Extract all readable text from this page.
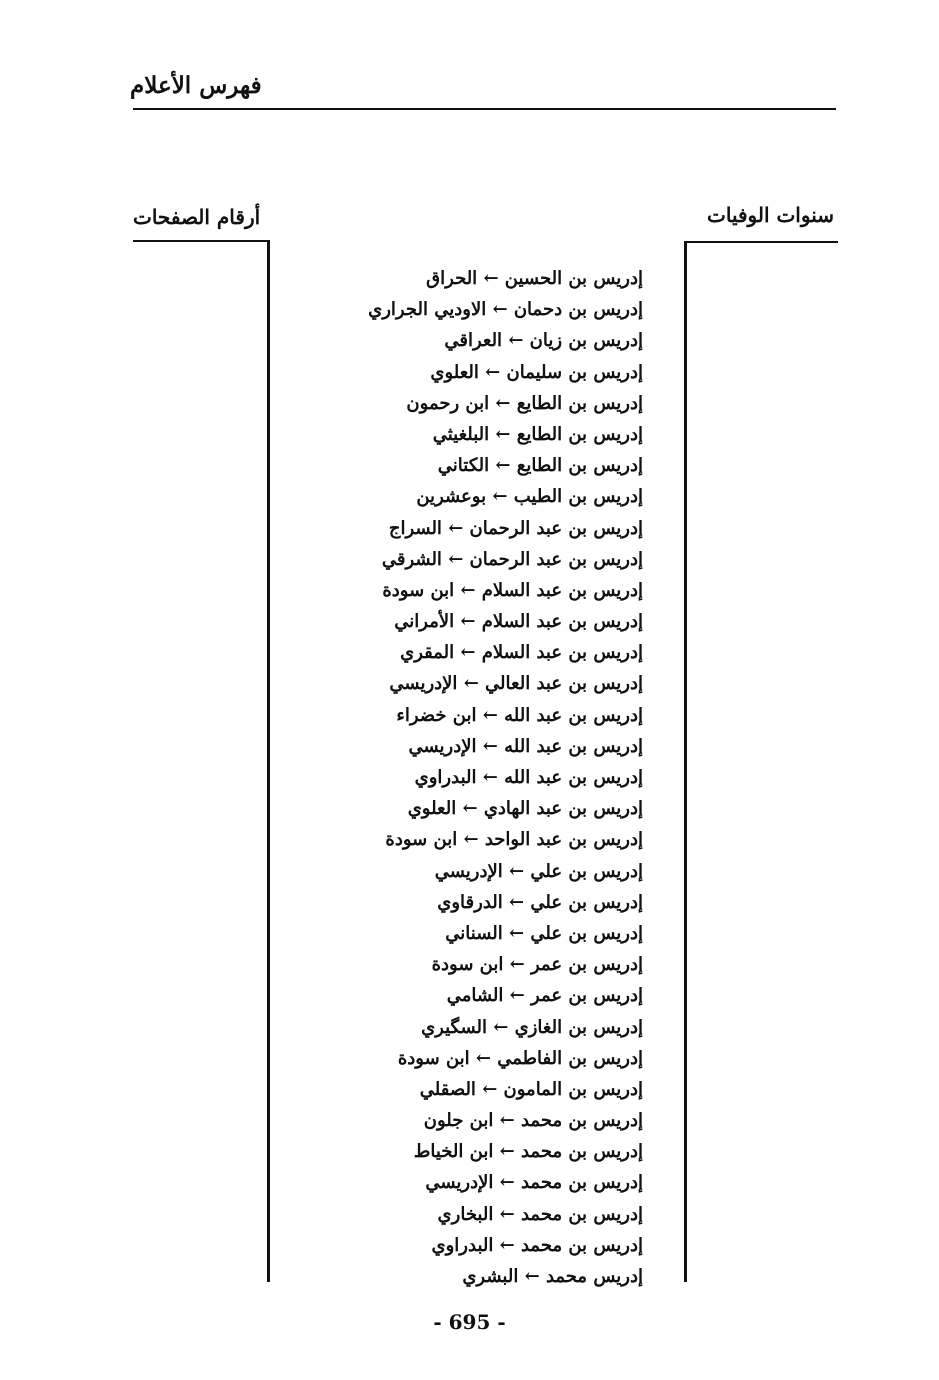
فهرس الأعلام
أرقام الصفحات	سنوات الوفيات
إدريس بن الحسين ← الحراق
إدريس بن دحمان ← الاوديي الجراري
إدريس بن زيان ← العراقي
إدريس بن سليمان ← العلوي
إدريس بن الطايع ← ابن رحمون
إدريس بن الطايع ← البلغيثي
إدريس بن الطايع ← الكتاني
إدريس بن الطيب ← بوعشرين
إدريس بن عبد الرحمان ← السراج
إدريس بن عبد الرحمان ← الشرقي
إدريس بن عبد السلام ← ابن سودة
إدريس بن عبد السلام ← الأمراني
إدريس بن عبد السلام ← المقري
إدريس بن عبد العالي ← الإدريسي
إدريس بن عبد الله ← ابن خضراء
إدريس بن عبد الله ← الإدريسي
إدريس بن عبد الله ← البدراوي
إدريس بن عبد الهادي ← العلوي
إدريس بن عبد الواحد ← ابن سودة
إدريس بن علي ← الإدريسي
إدريس بن علي ← الدرقاوي
إدريس بن علي ← السناني
إدريس بن عمر ← ابن سودة
إدريس بن عمر ← الشامي
إدريس بن الغازي ← السگيري
إدريس بن الفاطمي ← ابن سودة
إدريس بن المامون ← الصقلي
إدريس بن محمد ← ابن جلون
إدريس بن محمد ← ابن الخياط
إدريس بن محمد ← الإدريسي
إدريس بن محمد ← البخاري
إدريس بن محمد ← البدراوي
إدريس محمد ← البشري
- 695 -
